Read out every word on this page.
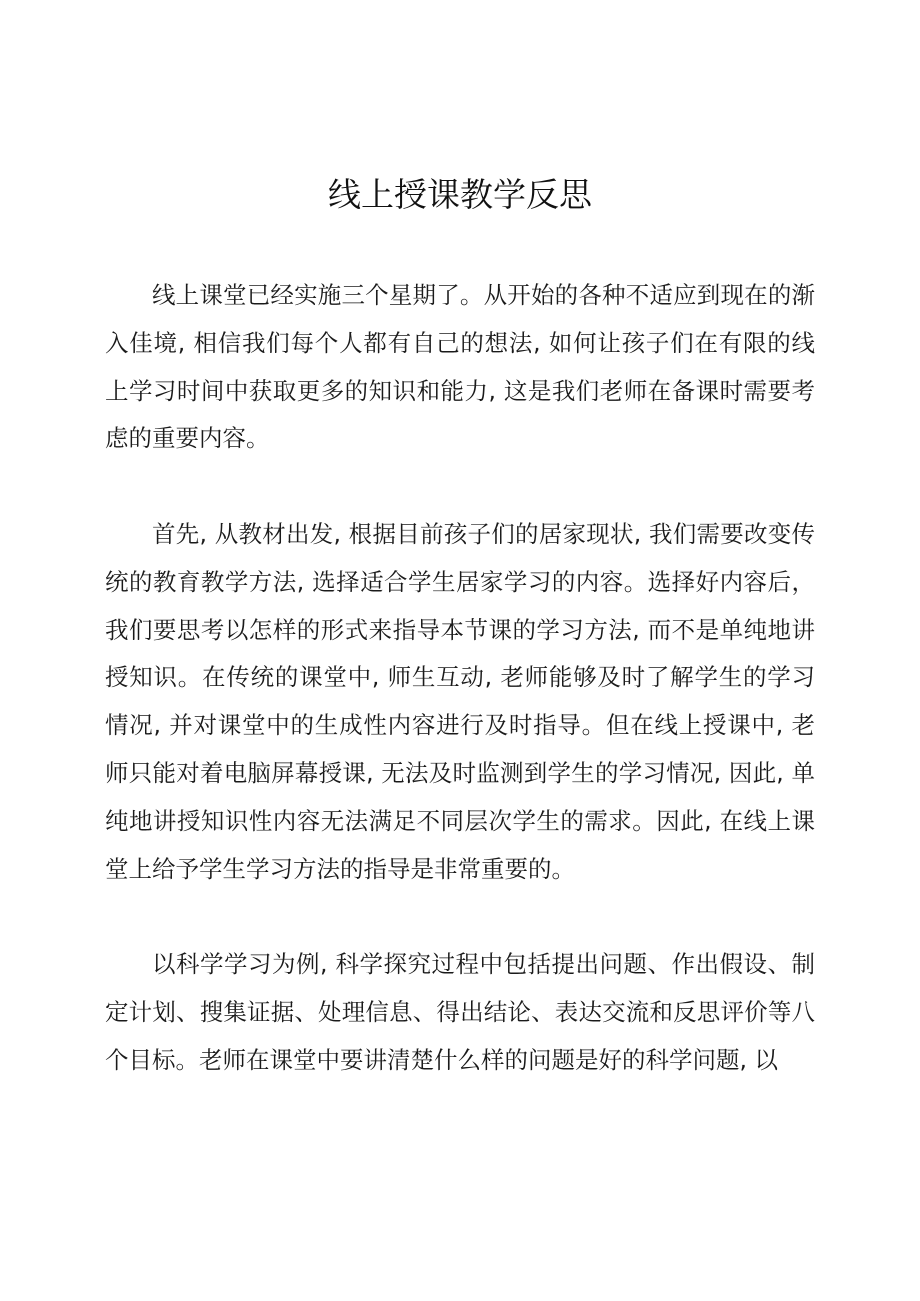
线上授课教学反思

线上课堂已经实施三个星期了。从开始的各种不适应到现在的渐入佳境, 相信我们每个人都有自己的想法, 如何让孩子们在有限的线上学习时间中获取更多的知识和能力, 这是我们老师在备课时需要考虑的重要内容。

首先, 从教材出发, 根据目前孩子们的居家现状, 我们需要改变传统的教育教学方法, 选择适合学生居家学习的内容。选择好内容后，我们要思考以怎样的形式来指导本节课的学习方法, 而不是单纯地讲授知识。在传统的课堂中, 师生互动, 老师能够及时了解学生的学习情况, 并对课堂中的生成性内容进行及时指导。但在线上授课中, 老师只能对着电脑屏幕授课, 无法及时监测到学生的学习情况, 因此, 单纯地讲授知识性内容无法满足不同层次学生的需求。因此, 在线上课堂上给予学生学习方法的指导是非常重要的。

以科学学习为例, 科学探究过程中包括提出问题、作出假设、制定计划、搜集证据、处理信息、得出结论、表达交流和反思评价等八个目标。老师在课堂中要讲清楚什么样的问题是好的科学问题, 以
